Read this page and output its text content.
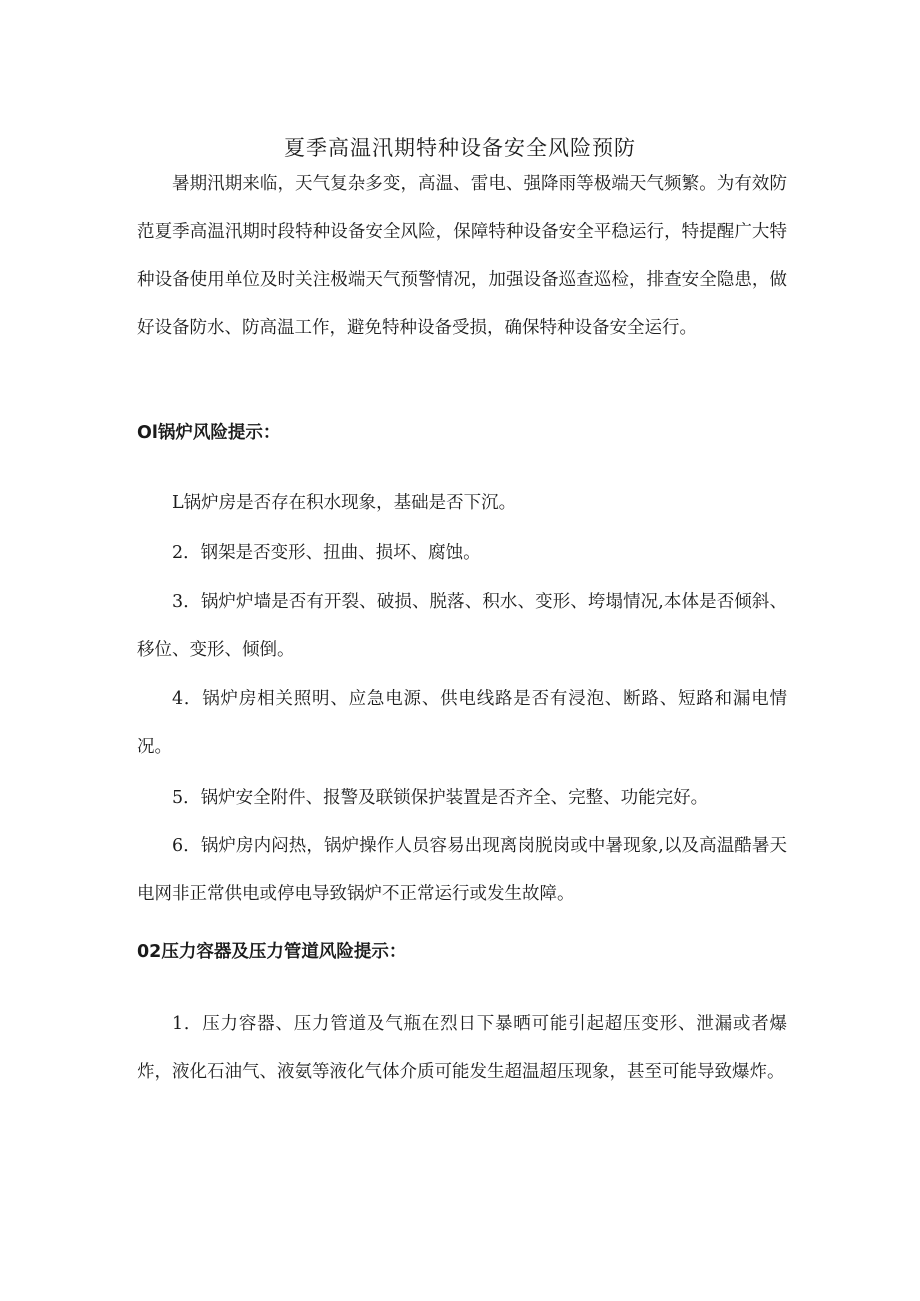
夏季高温汛期特种设备安全风险预防

暑期汛期来临，天气复杂多变，高温、雷电、强降雨等极端天气频繁。为有效防范夏季高温汛期时段特种设备安全风险，保障特种设备安全平稳运行，特提醒广大特种设备使用单位及时关注极端天气预警情况，加强设备巡查巡检，排查安全隐患，做好设备防水、防高温工作，避免特种设备受损，确保特种设备安全运行。

Ol锅炉风险提示：

L锅炉房是否存在积水现象，基础是否下沉。

2．钢架是否变形、扭曲、损坏、腐蚀。

3．锅炉炉墙是否有开裂、破损、脱落、积水、变形、垮塌情况,本体是否倾斜、移位、变形、倾倒。

4．锅炉房相关照明、应急电源、供电线路是否有浸泡、断路、短路和漏电情况。

5．锅炉安全附件、报警及联锁保护装置是否齐全、完整、功能完好。

6．锅炉房内闷热，锅炉操作人员容易出现离岗脱岗或中暑现象,以及高温酷暑天电网非正常供电或停电导致锅炉不正常运行或发生故障。

02压力容器及压力管道风险提示：

1．压力容器、压力管道及气瓶在烈日下暴晒可能引起超压变形、泄漏或者爆炸，液化石油气、液氨等液化气体介质可能发生超温超压现象，甚至可能导致爆炸。
